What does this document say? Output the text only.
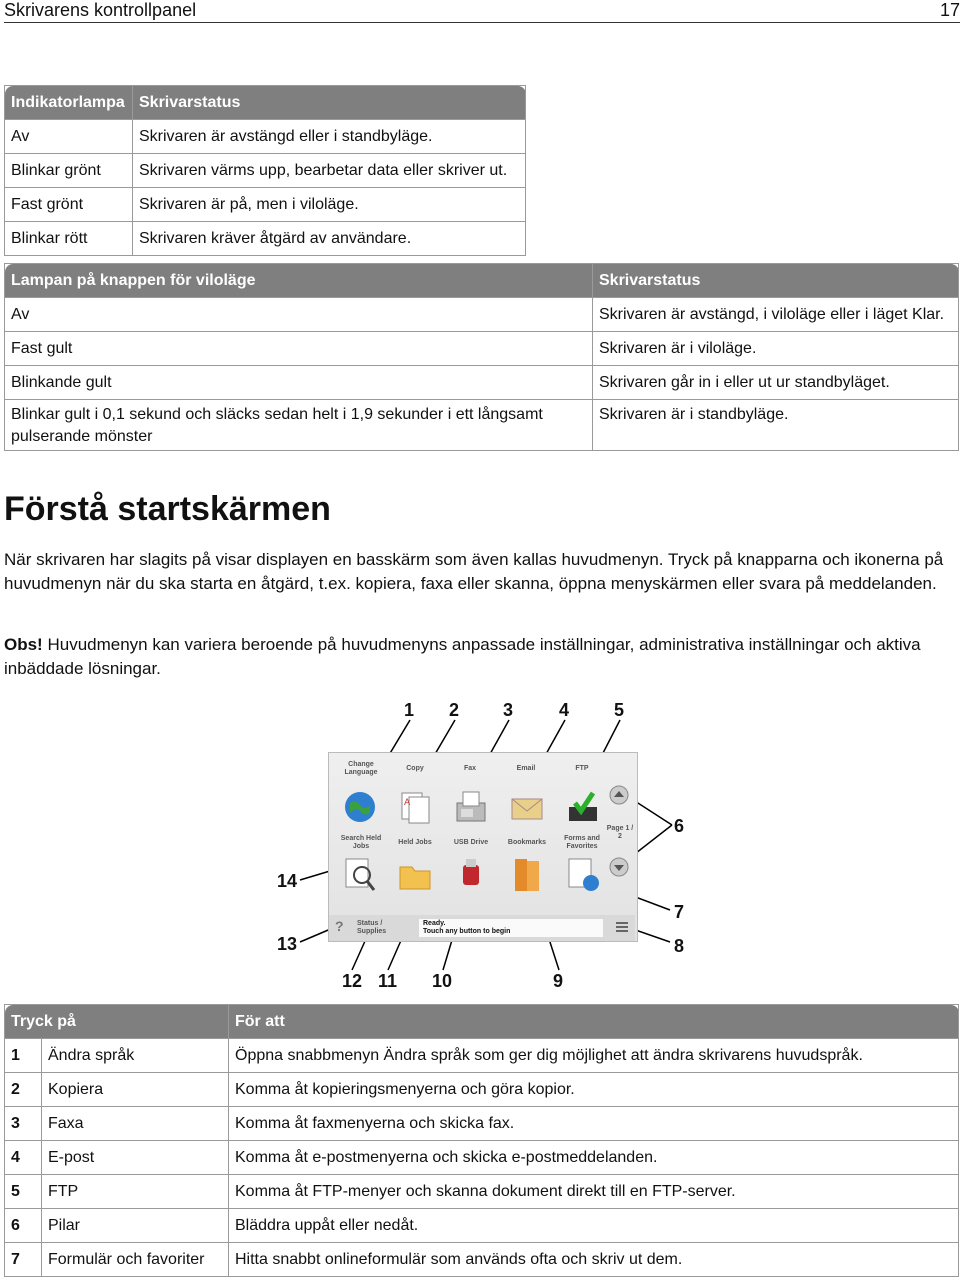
Skrivarens kontrollpanel	17
Indikatorlampa	Skrivarstatus
Av	Skrivaren är avstängd eller i standbyläge.
Blinkar grönt	Skrivaren värms upp, bearbetar data eller skriver ut.
Fast grönt	Skrivaren är på, men i viloläge.
Blinkar rött	Skrivaren kräver åtgärd av användare.
Lampan på knappen för viloläge	Skrivarstatus
Av	Skrivaren är avstängd, i viloläge eller i läget Klar.
Fast gult	Skrivaren är i viloläge.
Blinkande gult	Skrivaren går in i eller ut ur standbyläget.
Blinkar gult i 0,1 sekund och släcks sedan helt i 1,9 sekunder i ett långsamt pulserande mönster	Skrivaren är i standbyläge.
Förstå startskärmen

När skrivaren har slagits på visar displayen en basskärm som även kallas huvudmenyn. Tryck på knapparna och ikonerna på huvudmenyn när du ska starta en åtgärd, t.ex. kopiera, faxa eller skanna, öppna menyskärmen eller svara på meddelanden.

Obs! Huvudmenyn kan variera beroende på huvudmenyns anpassade inställningar, administrativa inställningar och aktiva inbäddade lösningar.

1 2 3	4 5
6
7
8
14
13
12 11 10	9
Change Language
Copy	Fax	Email	FTP
A
Search Held Jobs
Held Jobs	USB Drive	Bookmarks
Forms and Favorites
Page 1 / 2
? Status / Supplies
Ready.
Touch any button to begin
Tryck på		För att
1	Ändra språk	Öppna snabbmenyn Ändra språk som ger dig möjlighet att ändra skrivarens huvudspråk.
2	Kopiera	Komma åt kopieringsmenyerna och göra kopior.
3	Faxa	Komma åt faxmenyerna och skicka fax.
4	E-post	Komma åt e-postmenyerna och skicka e-postmeddelanden.
5	FTP	Komma åt FTP-menyer och skanna dokument direkt till en FTP-server.
6	Pilar	Bläddra uppåt eller nedåt.
7	Formulär och favoriter	Hitta snabbt onlineformulär som används ofta och skriv ut dem.
